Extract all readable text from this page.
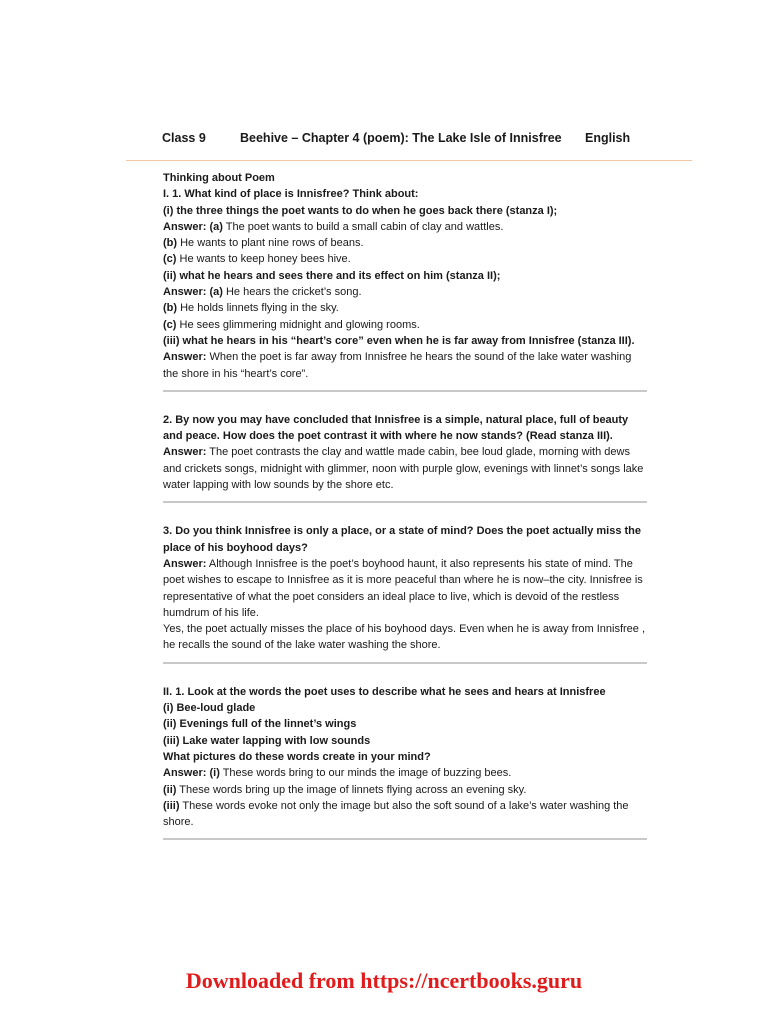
Class 9	Beehive – Chapter 4 (poem): The Lake Isle of Innisfree	English

Thinking about Poem

I. 1. What kind of place is Innisfree? Think about:

(i) the three things the poet wants to do when he goes back there (stanza I);

Answer: (a) The poet wants to build a small cabin of clay and wattles.

(b) He wants to plant nine rows of beans.

(c) He wants to keep honey bees hive.

(ii) what he hears and sees there and its effect on him (stanza II);

Answer: (a) He hears the cricket’s song.

(b) He holds linnets flying in the sky.

(c) He sees glimmering midnight and glowing rooms.

(iii) what he hears in his “heart’s core” even when he is far away from Innisfree (stanza III).

Answer: When the poet is far away from Innisfree he hears the sound of the lake water washing the shore in his “heart’s core”.

2. By now you may have concluded that Innisfree is a simple, natural place, full of beauty and peace. How does the poet contrast it with where he now stands? (Read stanza III).

Answer: The poet contrasts the clay and wattle made cabin, bee loud glade, morning with dews and crickets songs, midnight with glimmer, noon with purple glow, evenings with linnet’s songs lake water lapping with low sounds by the shore etc.

3. Do you think Innisfree is only a place, or a state of mind? Does the poet actually miss the place of his boyhood days?

Answer: Although Innisfree is the poet’s boyhood haunt, it also represents his state of mind. The poet wishes to escape to Innisfree as it is more peaceful than where he is now–the city. Innisfree is representative of what the poet considers an ideal place to live, which is devoid of the restless humdrum of his life.

Yes, the poet actually misses the place of his boyhood days. Even when he is away from Innisfree , he recalls the sound of the lake water washing the shore.

II. 1. Look at the words the poet uses to describe what he sees and hears at Innisfree

(i) Bee-loud glade

(ii) Evenings full of the linnet’s wings

(iii) Lake water lapping with low sounds

What pictures do these words create in your mind?

Answer: (i) These words bring to our minds the image of buzzing bees.

(ii) These words bring up the image of linnets flying across an evening sky.

(iii) These words evoke not only the image but also the soft sound of a lake’s water washing the shore.

Downloaded from https://ncertbooks.guru
